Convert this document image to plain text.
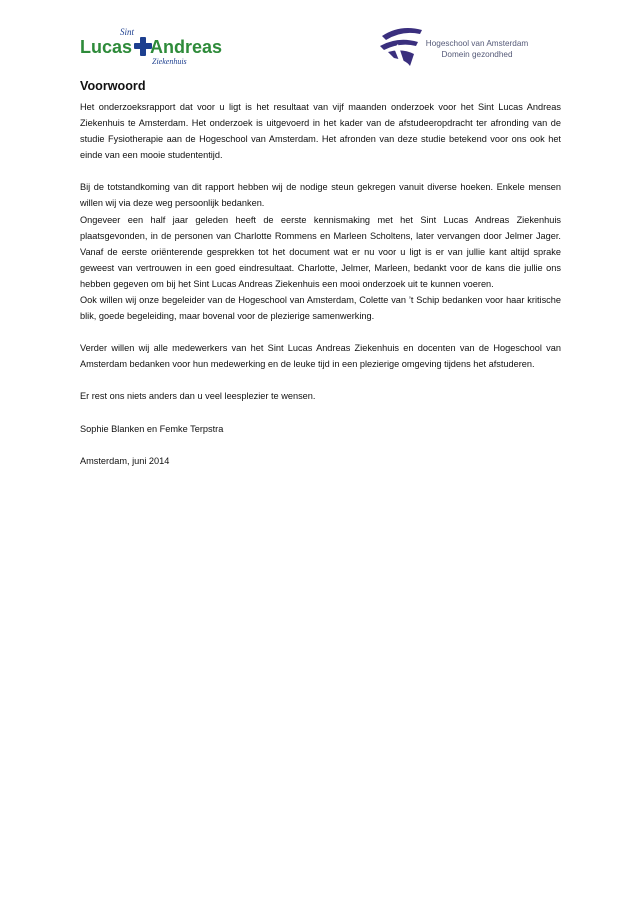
Sint
Lucas Andreas
Ziekenhuis
Hogeschool van Amsterdam
Domein gezondhed
Voorwoord

Het onderzoeksrapport dat voor u ligt is het resultaat van vijf maanden onderzoek voor het Sint Lucas Andreas Ziekenhuis te Amsterdam. Het onderzoek is uitgevoerd in het kader van de afstudeeropdracht ter afronding van de studie Fysiotherapie aan de Hogeschool van Amsterdam. Het afronden van deze studie betekend voor ons ook het einde van een mooie studententijd.

Bij de totstandkoming van dit rapport hebben wij de nodige steun gekregen vanuit diverse hoeken. Enkele mensen willen wij via deze weg persoonlijk bedanken.

Ongeveer een half jaar geleden heeft de eerste kennismaking met het Sint Lucas Andreas Ziekenhuis plaatsgevonden, in de personen van Charlotte Rommens en Marleen Scholtens, later vervangen door Jelmer Jager. Vanaf de eerste oriënterende gesprekken tot het document wat er nu voor u ligt is er van jullie kant altijd sprake geweest van vertrouwen in een goed eindresultaat. Charlotte, Jelmer, Marleen, bedankt voor de kans die jullie ons hebben gegeven om bij het Sint Lucas Andreas Ziekenhuis een mooi onderzoek uit te kunnen voeren.

Ook willen wij onze begeleider van de Hogeschool van Amsterdam, Colette van ’t Schip bedanken voor haar kritische blik, goede begeleiding, maar bovenal voor de plezierige samenwerking.

Verder willen wij alle medewerkers van het Sint Lucas Andreas Ziekenhuis en docenten van de Hogeschool van Amsterdam bedanken voor hun medewerking en de leuke tijd in een plezierige omgeving tijdens het afstuderen.

Er rest ons niets anders dan u veel leesplezier te wensen.

Sophie Blanken en Femke Terpstra

Amsterdam, juni 2014
